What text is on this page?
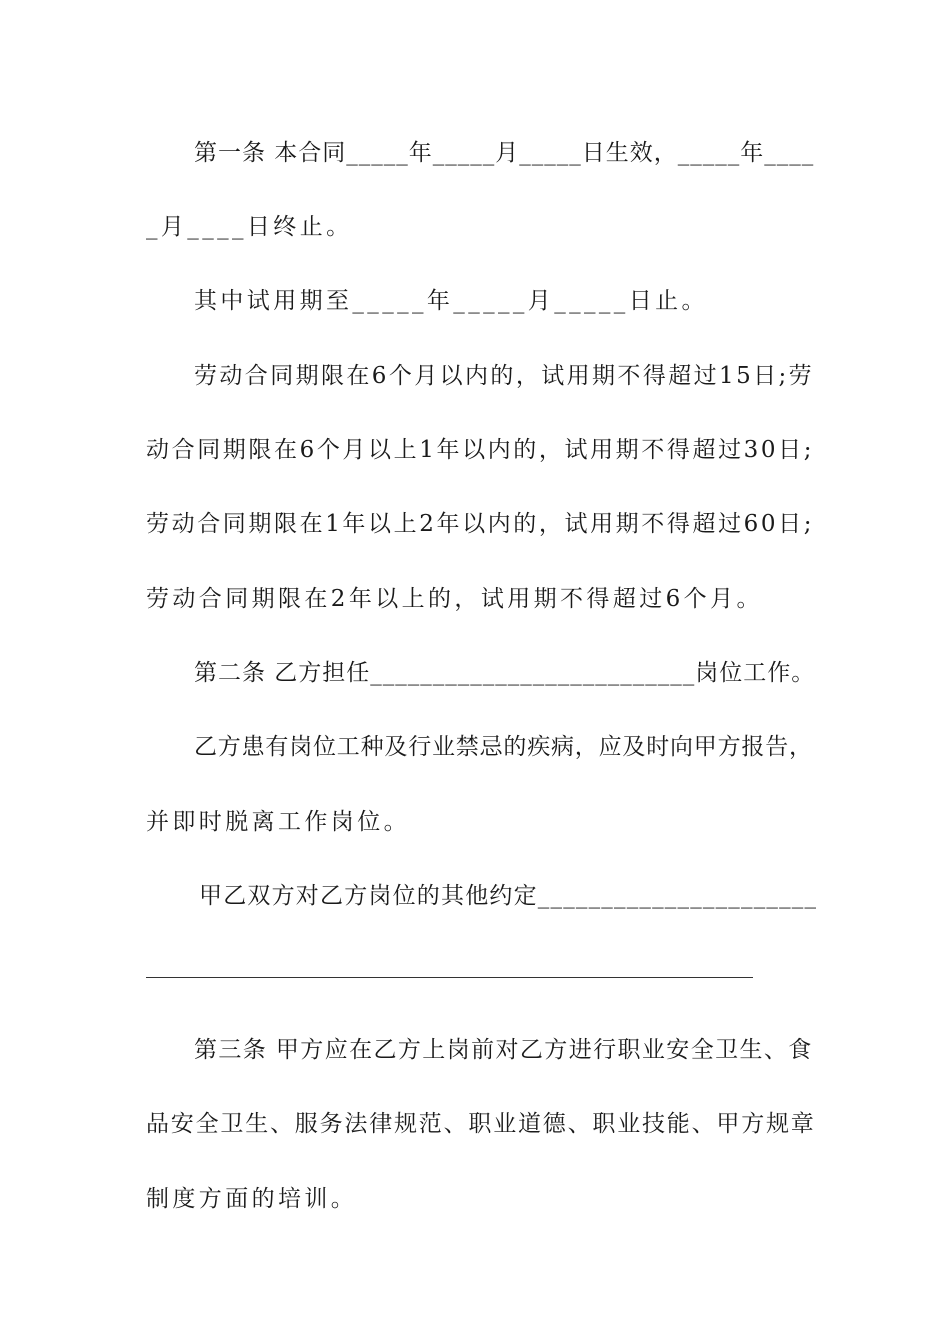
第一条 本合同_____年_____月_____日生效，_____年____
_月____日终止。
其中试用期至_____年_____月_____日止。
劳动合同期限在6个月以内的，试用期不得超过15日;劳
动合同期限在6个月以上1年以内的，试用期不得超过30日;
劳动合同期限在1年以上2年以内的，试用期不得超过60日;
劳动合同期限在2年以上的，试用期不得超过6个月。
第二条 乙方担任__________________________岗位工作。
乙方患有岗位工种及行业禁忌的疾病，应及时向甲方报告，
并即时脱离工作岗位。
甲乙双方对乙方岗位的其他约定______________________
第三条 甲方应在乙方上岗前对乙方进行职业安全卫生、食
品安全卫生、服务法律规范、职业道德、职业技能、甲方规章
制度方面的培训。
